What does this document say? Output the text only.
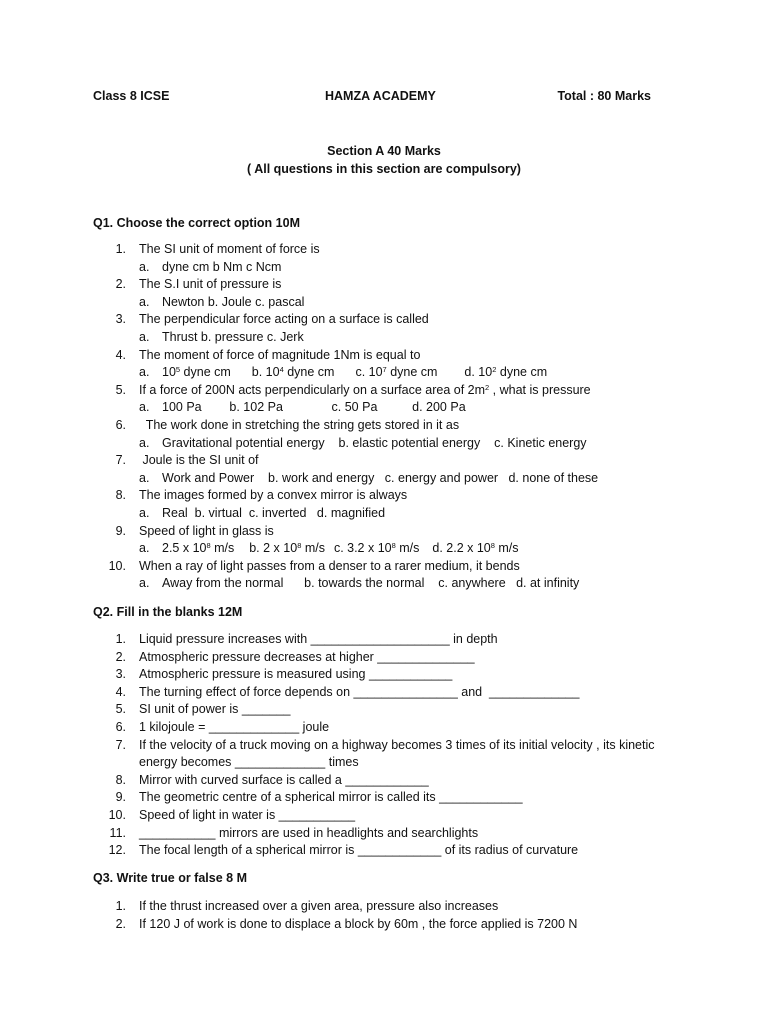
Class 8 ICSE	HAMZA ACADEMY	Total : 80 Marks
Section A 40 Marks
( All questions in this section are compulsory)
Q1. Choose the correct option 10M
1. The SI unit of moment of force is
a. dyne cm b Nm c Ncm
2. The S.I unit of pressure is
a. Newton b. Joule c. pascal
3. The perpendicular force acting on a surface is called
a. Thrust b. pressure c. Jerk
4. The moment of force of magnitude 1Nm is equal to
a. $10^5$ dyne cm b. $10^4$ dyne cm c. $10^7$ dyne cm d. $10^2$ dyne cm
5. If a force of 200N acts perpendicularly on a surface area of $2m^2$ , what is pressure
a. 100 Pa        b. 102 Pa              c. 50 Pa          d. 200 Pa
6. The work done in stretching the string gets stored in it as
a. Gravitational potential energy    b. elastic potential energy    c. Kinetic energy
7. Joule is the SI unit of
a. Work and Power    b. work and energy   c. energy and power   d. none of these
8. The images formed by a convex mirror is always
a. Real  b. virtual  c. inverted   d. magnified
9. Speed of light in glass is
a. 2.5 x $10^8$ m/s b. 2 x $10^8$ m/s c. 3.2 x $10^8$ m/s d. 2.2 x $10^8$ m/s
10. When a ray of light passes from a denser to a rarer medium, it bends
a. Away from the normal      b. towards the normal    c. anywhere   d. at infinity
Q2. Fill in the blanks 12M
1. Liquid pressure increases with ____________________ in depth
2. Atmospheric pressure decreases at higher ______________
3. Atmospheric pressure is measured using ____________
4. The turning effect of force depends on _______________ and  _____________
5. SI unit of power is _______
6. 1 kilojoule = _____________ joule
7. If the velocity of a truck moving on a highway becomes 3 times of its initial velocity , its kinetic energy becomes _____________ times
8. Mirror with curved surface is called a ____________
9. The geometric centre of a spherical mirror is called its ____________
10. Speed of light in water is ___________
11. ___________ mirrors are used in headlights and searchlights
12. The focal length of a spherical mirror is ____________ of its radius of curvature
Q3. Write true or false 8 M
1. If the thrust increased over a given area, pressure also increases
2. If 120 J of work is done to displace a block by 60m , the force applied is 7200 N
